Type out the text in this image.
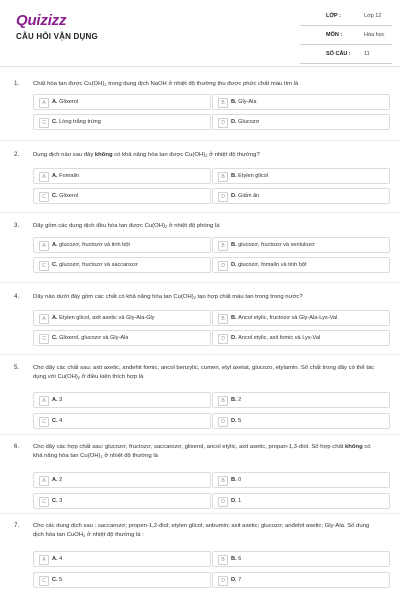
Quizizz
CÂU HỎI VẬN DỤNG
LỚP :	Lớp 12
MÔN :	Hóa học
SỐ CÂU : 11
1. Chất hòa tan được $Cu(OH)_2$ trong dung dịch NaOH ở nhiệt độ thường thu được phức chất màu tím là
A	A. Glixerol	B	B. Gly-Ala
C	C. Lòng trắng trứng	D	D. Glucozơ
2. Dung dịch nào sau đây không có khả năng hòa tan được $Cu(OH)_2$ ở nhiệt độ thường?
A	A. Fomalin	B	B. Etylen glicol
C	C. Glixerol	D	D. Giấm ăn
3. Dãy gồm các dung dịch đều hòa tan được $Cu(OH)_2$ ở nhiệt độ phòng là
A	A. glucozơ, fructozơ và tinh bột	B	B. glucozơ, fructozơ và xenlulozơ
C	C. glucozơ, fructozơ và saccarozơ	D	D. glucozơ, fomalin và tinh bột
4. Dãy nào dưới đây gồm các chất có khả năng hòa $\tan Cu(OH)_2$ tạo hợp chất màu tan trong trong nước?
A	A. Etylen glicol, axit axetic và Gly-Ala-Gly	B	B. Ancol etylic, fructozơ và Gly-Ala-Lys-Val
C	C. Glixerol, glucozơ và Gly-Ala	D	D. Ancol etylic, axit fomic và Lys-Val
5. Cho dãy các chất sau: axit axetic, anđehit fomic, ancol benzylic, cumen, etyl axetat, glucozo, etylamin. Số chất trong dãy có thể tác dụng với $Cu(OH)_2$ ở điều kiện thích hợp là
A	A. 3	B	B. 2
C	C. 4	D	D. 5
6. Cho dãy các hợp chất sau: glucozơ, fructozơ, saccarozơ, glixerol, ancol etylic, axit axetic, propan-1,3-diol. Số hợp chất không có khả năng hòa $\tan Cu(OH)_2$ ở nhiệt độ thường là
A	A. 2	B	B. 0
C	C. 3	D	D. 1
7. Cho các dung dịch sau : saccarozơ; propen-1,2-điol; etylen glicol; anbumin; axit axetic; glucozơ; anđehit axetic; Gly-Ala. Số dung dịch hòa tan CuOH$_2$ ở nhiệt độ thường là :
A	A. 4	B	B. 6
C	C. 5	D	D. 7
